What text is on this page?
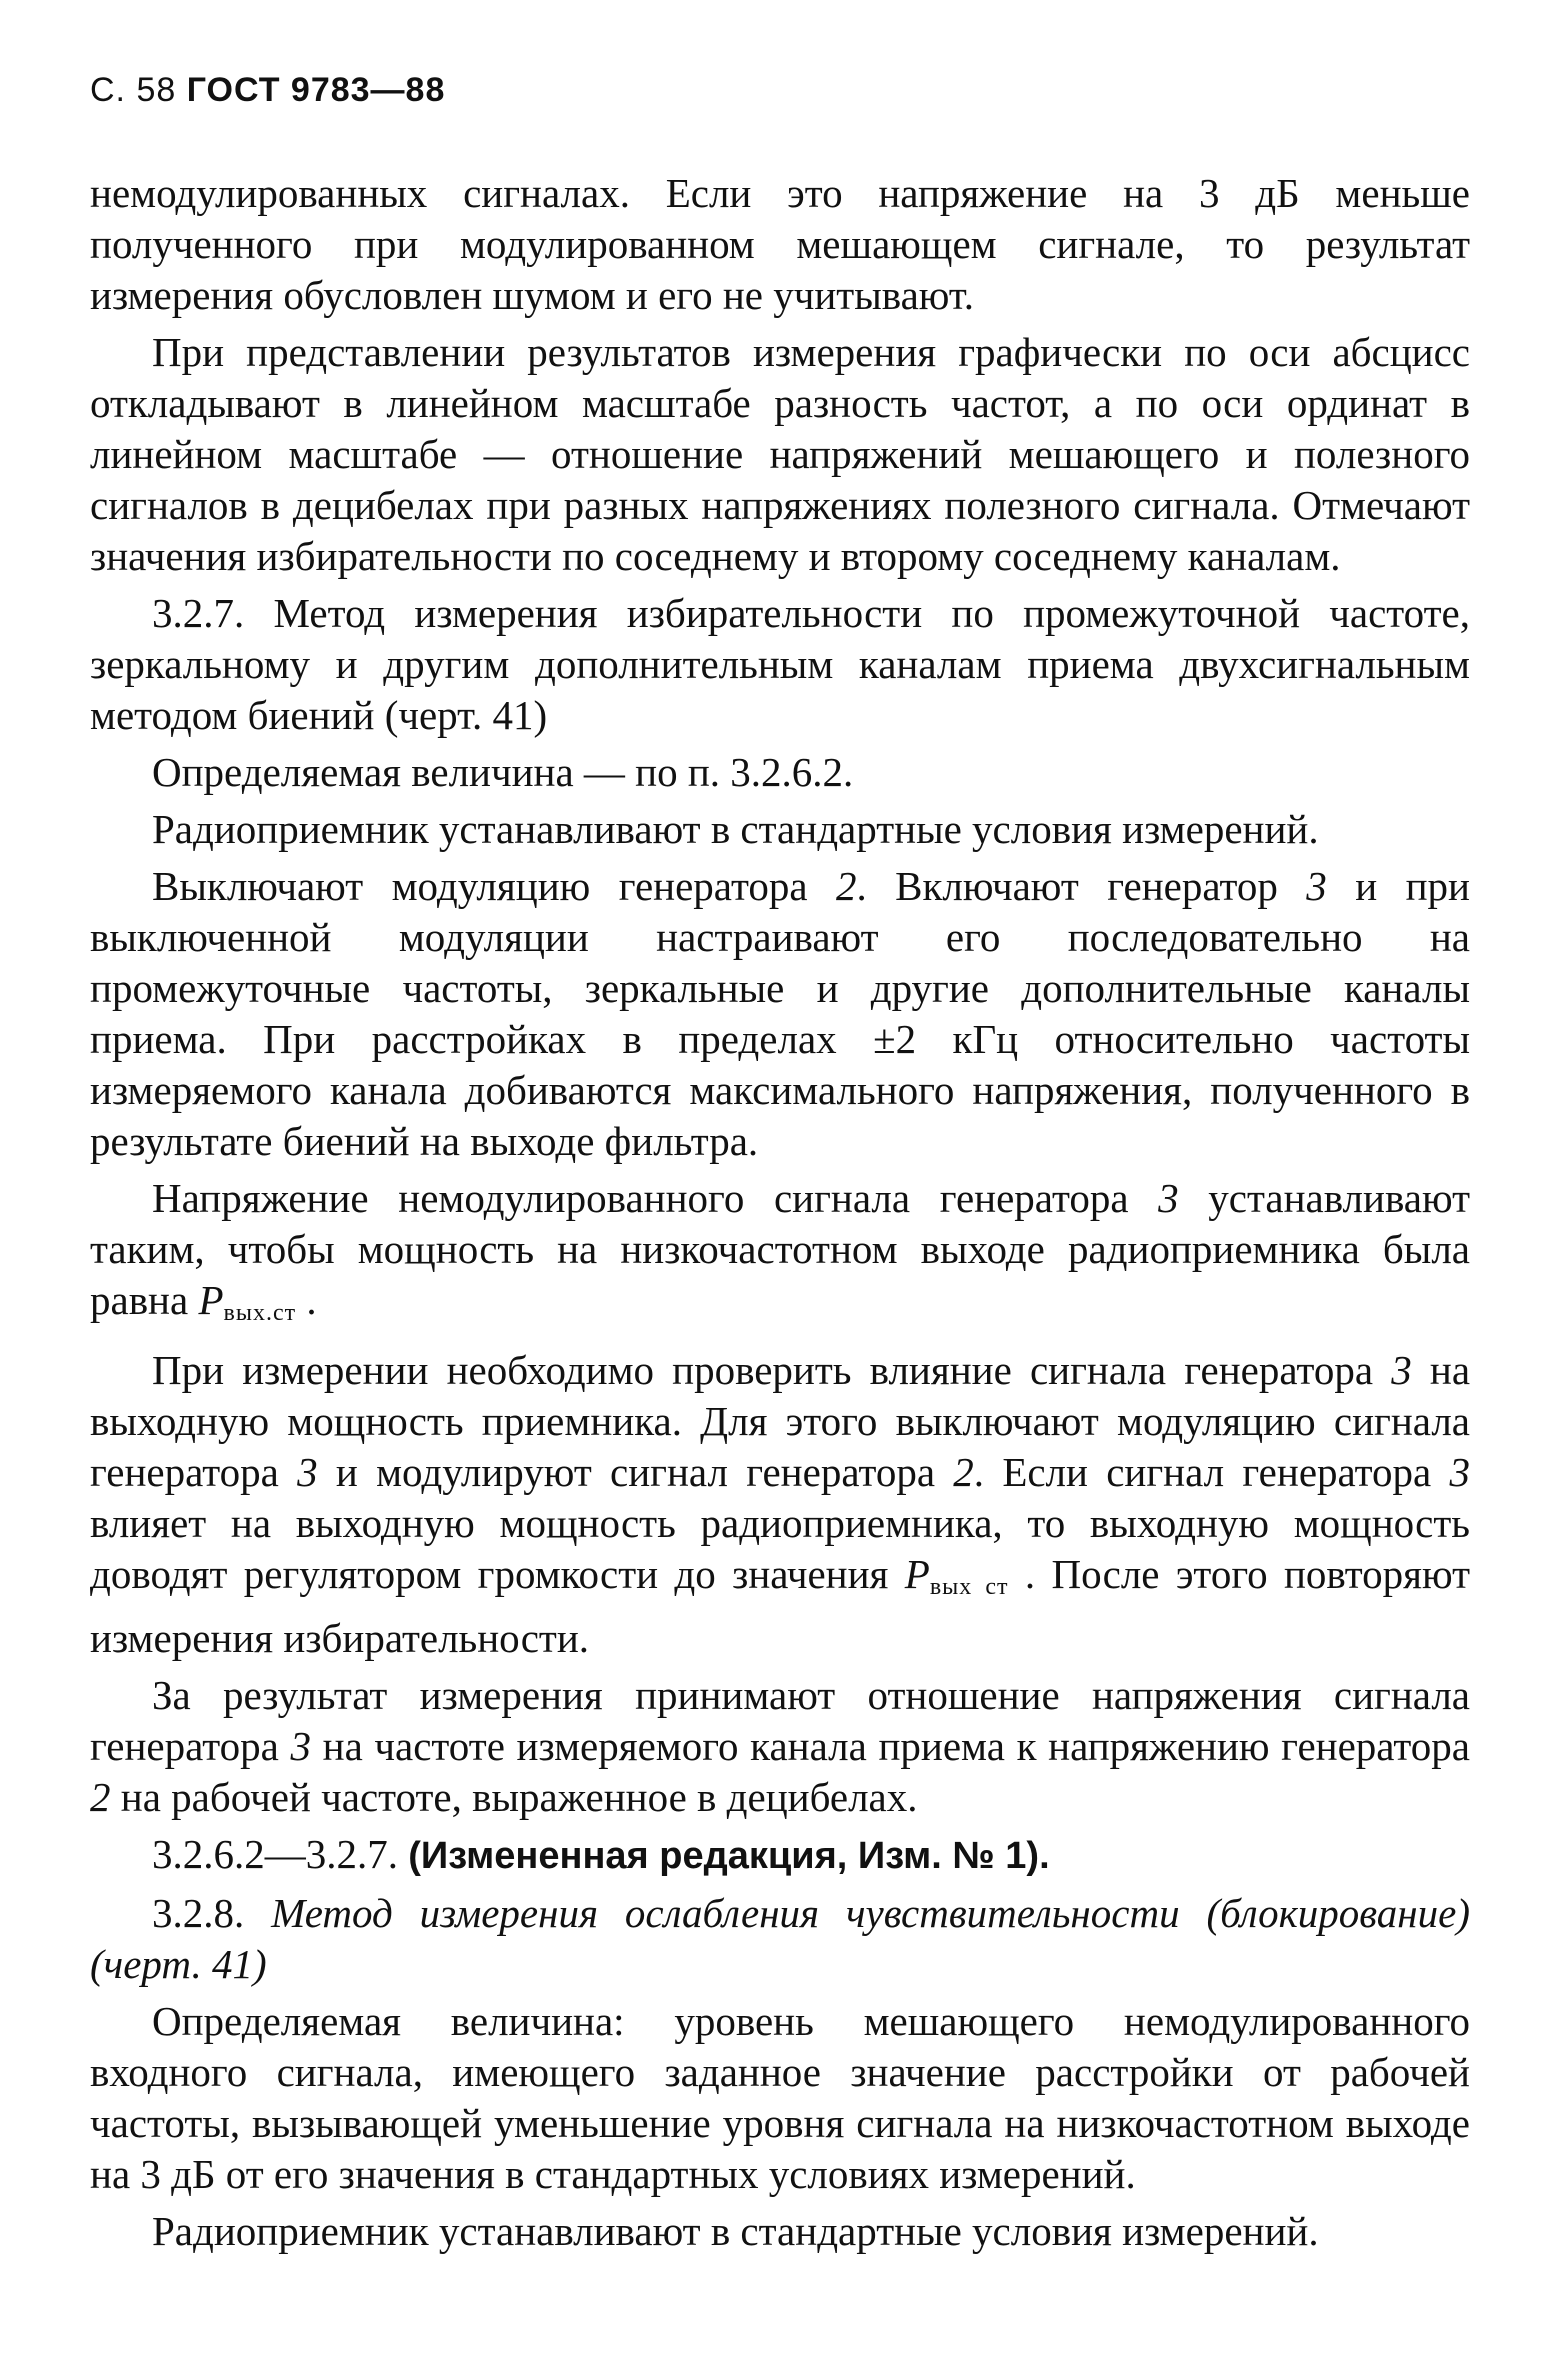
С. 58 ГОСТ 9783—88

немодулированных сигналах. Если это напряжение на 3 дБ меньше полученного при модулированном мешающем сигнале, то результат измерения обусловлен шумом и его не учитывают.

При представлении результатов измерения графически по оси абсцисс откладывают в линейном масштабе разность частот, а по оси ординат в линейном масштабе — отношение напряжений мешающего и полезного сигналов в децибелах при разных напряжениях полезного сигнала. Отмечают значения избирательности по соседнему и второму соседнему каналам.

3.2.7. Метод измерения избирательности по промежуточной частоте, зеркальному и другим дополнительным каналам приема двухсигнальным методом биений (черт. 41)

Определяемая величина — по п. 3.2.6.2.

Радиоприемник устанавливают в стандартные условия измерений.

Выключают модуляцию генератора 2. Включают генератор 3 и при выключенной модуляции настраивают его последовательно на промежуточные частоты, зеркальные и другие дополнительные каналы приема. При расстройках в пределах ±2 кГц относительно частоты измеряемого канала добиваются максимального напряжения, полученного в результате биений на выходе фильтра.

Напряжение немодулированного сигнала генератора 3 устанавливают таким, чтобы мощность на низкочастотном выходе радиоприемника была равна $P_{вых.ст}$ .

При измерении необходимо проверить влияние сигнала генератора 3 на выходную мощность приемника. Для этого выключают модуляцию сигнала генератора 3 и модулируют сигнал генератора 2. Если сигнал генератора 3 влияет на выходную мощность радиоприемника, то выходную мощность доводят регулятором громкости до значения $P_{вых ст}$ . После этого повторяют измерения избирательности.

За результат измерения принимают отношение напряжения сигнала генератора 3 на частоте измеряемого канала приема к напряжению генератора 2 на рабочей частоте, выраженное в децибелах.

3.2.6.2—3.2.7. (Измененная редакция, Изм. № 1).

3.2.8. Метод измерения ослабления чувствительности (блокирование) (черт. 41)

Определяемая величина: уровень мешающего немодулированного входного сигнала, имеющего заданное значение расстройки от рабочей частоты, вызывающей уменьшение уровня сигнала на низкочастотном выходе на 3 дБ от его значения в стандартных условиях измерений.

Радиоприемник устанавливают в стандартные условия измерений.
